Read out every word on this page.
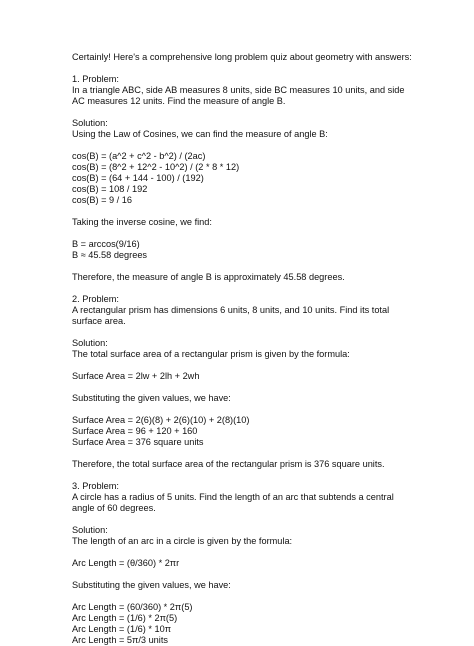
Certainly! Here's a comprehensive long problem quiz about geometry with answers:

1. Problem:

In a triangle ABC, side AB measures 8 units, side BC measures 10 units, and side

AC measures 12 units. Find the measure of angle B.

Solution:

Using the Law of Cosines, we can find the measure of angle B:

cos(B) = (a^2 + c^2 - b^2) / (2ac)

cos(B) = (8^2 + 12^2 - 10^2) / (2 * 8 * 12)

cos(B) = (64 + 144 - 100) / (192)

cos(B) = 108 / 192

cos(B) = 9 / 16

Taking the inverse cosine, we find:

B = arccos(9/16)

B ≈ 45.58 degrees

Therefore, the measure of angle B is approximately 45.58 degrees.

2. Problem:

A rectangular prism has dimensions 6 units, 8 units, and 10 units. Find its total

surface area.

Solution:

The total surface area of a rectangular prism is given by the formula:

Surface Area = 2lw + 2lh + 2wh

Substituting the given values, we have:

Surface Area = 2(6)(8) + 2(6)(10) + 2(8)(10)

Surface Area = 96 + 120 + 160

Surface Area = 376 square units

Therefore, the total surface area of the rectangular prism is 376 square units.

3. Problem:

A circle has a radius of 5 units. Find the length of an arc that subtends a central

angle of 60 degrees.

Solution:

The length of an arc in a circle is given by the formula:

Arc Length = (θ/360) * 2πr

Substituting the given values, we have:

Arc Length = (60/360) * 2π(5)

Arc Length = (1/6) * 2π(5)

Arc Length = (1/6) * 10π

Arc Length = 5π/3 units
